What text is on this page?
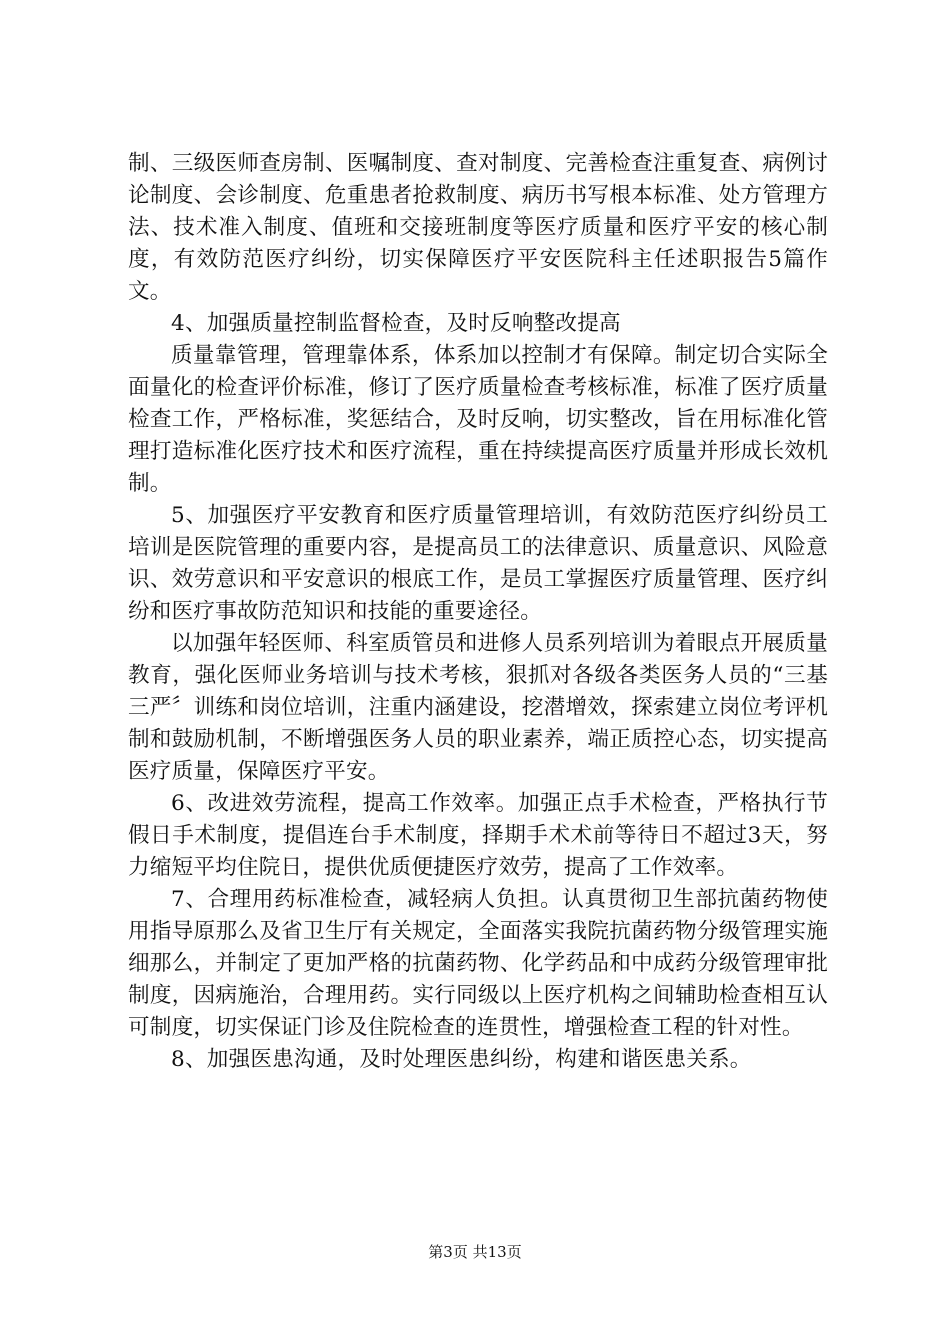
制、三级医师查房制、医嘱制度、查对制度、完善检查注重复查、病例讨论制度、会诊制度、危重患者抢救制度、病历书写根本标准、处方管理方法、技术准入制度、值班和交接班制度等医疗质量和医疗平安的核心制度，有效防范医疗纠纷，切实保障医疗平安医院科主任述职报告5篇作文。

4、加强质量控制监督检查，及时反响整改提高

质量靠管理，管理靠体系，体系加以控制才有保障。制定切合实际全面量化的检查评价标准，修订了医疗质量检查考核标准，标准了医疗质量检查工作，严格标准，奖惩结合，及时反响，切实整改，旨在用标准化管理打造标准化医疗技术和医疗流程，重在持续提高医疗质量并形成长效机制。

5、加强医疗平安教育和医疗质量管理培训，有效防范医疗纠纷员工培训是医院管理的重要内容，是提高员工的法律意识、质量意识、风险意识、效劳意识和平安意识的根底工作，是员工掌握医疗质量管理、医疗纠纷和医疗事故防范知识和技能的重要途径。

以加强年轻医师、科室质管员和进修人员系列培训为着眼点开展质量教育，强化医师业务培训与技术考核，狠抓对各级各类医务人员的“三基三严〞训练和岗位培训，注重内涵建设，挖潜增效，探索建立岗位考评机制和鼓励机制，不断增强医务人员的职业素养，端正质控心态，切实提高医疗质量，保障医疗平安。

6、改进效劳流程，提高工作效率。加强正点手术检查，严格执行节假日手术制度，提倡连台手术制度，择期手术术前等待日不超过3天，努力缩短平均住院日，提供优质便捷医疗效劳，提高了工作效率。

7、合理用药标准检查，减轻病人负担。认真贯彻卫生部抗菌药物使用指导原那么及省卫生厅有关规定，全面落实我院抗菌药物分级管理实施细那么，并制定了更加严格的抗菌药物、化学药品和中成药分级管理审批制度，因病施治，合理用药。实行同级以上医疗机构之间辅助检查相互认可制度，切实保证门诊及住院检查的连贯性，增强检查工程的针对性。

8、加强医患沟通，及时处理医患纠纷，构建和谐医患关系。

第3页 共13页
